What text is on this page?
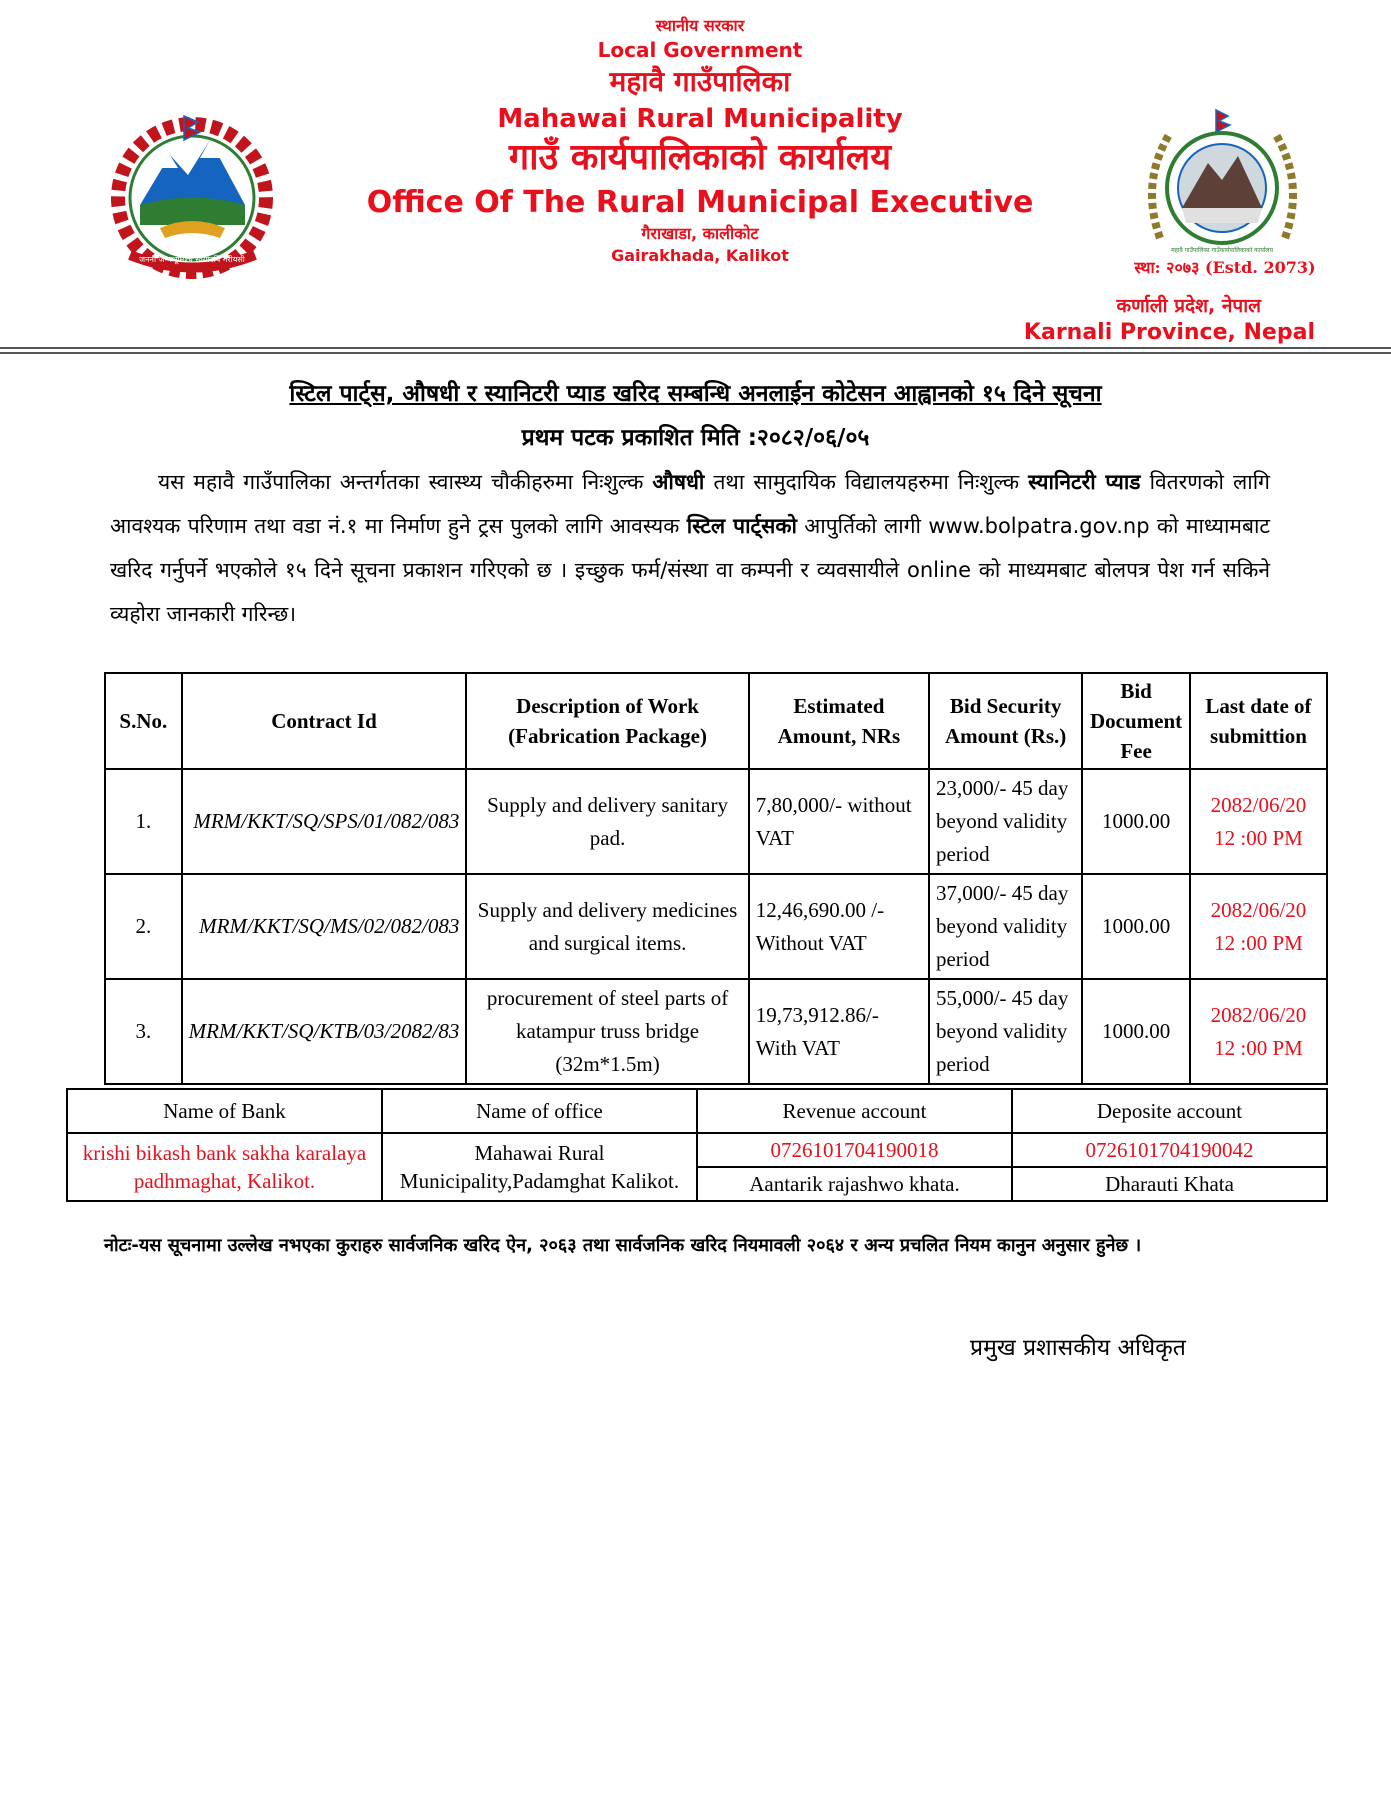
जननी जन्मभूमिश्च स्वर्गादपि गरीयसी
स्थानीय सरकार
Local Government
महावै गाउँपालिका
Mahawai Rural Municipality
गाउँ कार्यपालिकाको कार्यालय
Office Of The Rural Municipal Executive
गैराखाडा, कालीकोट
Gairakhada, Kalikot	महावै गाउँपालिका गाउँकार्यपालिकाको कार्यालय
स्था: २०७३ (Estd. 2073)
कर्णाली प्रदेश, नेपाल
Karnali Province, Nepal
स्टिल पार्ट्स, औषधी र स्यानिटरी प्याड खरिद सम्बन्धि अनलाईन कोटेसन आह्वानको १५ दिने सूचना
प्रथम पटक प्रकाशित मिति :२०८२/०६/०५
यस महावै गाउँपालिका अन्तर्गतका स्वास्थ्य चौकीहरुमा निःशुल्क औषधी तथा सामुदायिक विद्यालयहरुमा निःशुल्क स्यानिटरी प्याड वितरणको लागि आवश्यक परिणाम तथा वडा नं.१ मा निर्माण हुने ट्रस पुलको लागि आवस्यक स्टिल पार्ट्सको आपुर्तिको लागी www.bolpatra.gov.np को माध्यामबाट खरिद गर्नुपर्ने भएकोले १५ दिने सूचना प्रकाशन गरिएको छ । इच्छुक फर्म/संस्था वा कम्पनी र व्यवसायीले online को माध्यमबाट बोलपत्र पेश गर्न सकिने व्यहोरा जानकारी गरिन्छ।
S.No.	Contract Id	Description of Work (Fabrication Package)	Estimated Amount, NRs	Bid Security Amount (Rs.)	Bid Document Fee	Last date of submittion
1.	MRM/KKT/SQ/SPS/01/082/083	Supply and delivery sanitary pad.	7,80,000/- without VAT	23,000/- 45 day beyond validity period	1000.00	2082/06/20
12 :00 PM

2.	MRM/KKT/SQ/MS/02/082/083	Supply and delivery medicines and surgical items.	12,46,690.00 /- Without VAT	37,000/- 45 day beyond validity period	1000.00	2082/06/20
12 :00 PM

3.	MRM/KKT/SQ/KTB/03/2082/83	procurement of steel parts of katampur truss bridge (32m*1.5m)	19,73,912.86/- With VAT	55,000/- 45 day beyond validity period	1000.00	2082/06/20
12 :00 PM
Name of Bank	Name of office	Revenue account	Deposite account
krishi bikash bank sakha karalaya padhmaghat, Kalikot.	Mahawai Rural Municipality,Padamghat Kalikot.	0726101704190018	0726101704190042
		Aantarik rajashwo khata.	Dharauti Khata
नोटः-यस सूचनामा उल्लेख नभएका कुराहरु सार्वजनिक खरिद ऐन, २०६३ तथा सार्वजनिक खरिद नियमावली २०६४ र अन्य प्रचलित नियम कानुन अनुसार हुनेछ ।
प्रमुख प्रशासकीय अधिकृत
